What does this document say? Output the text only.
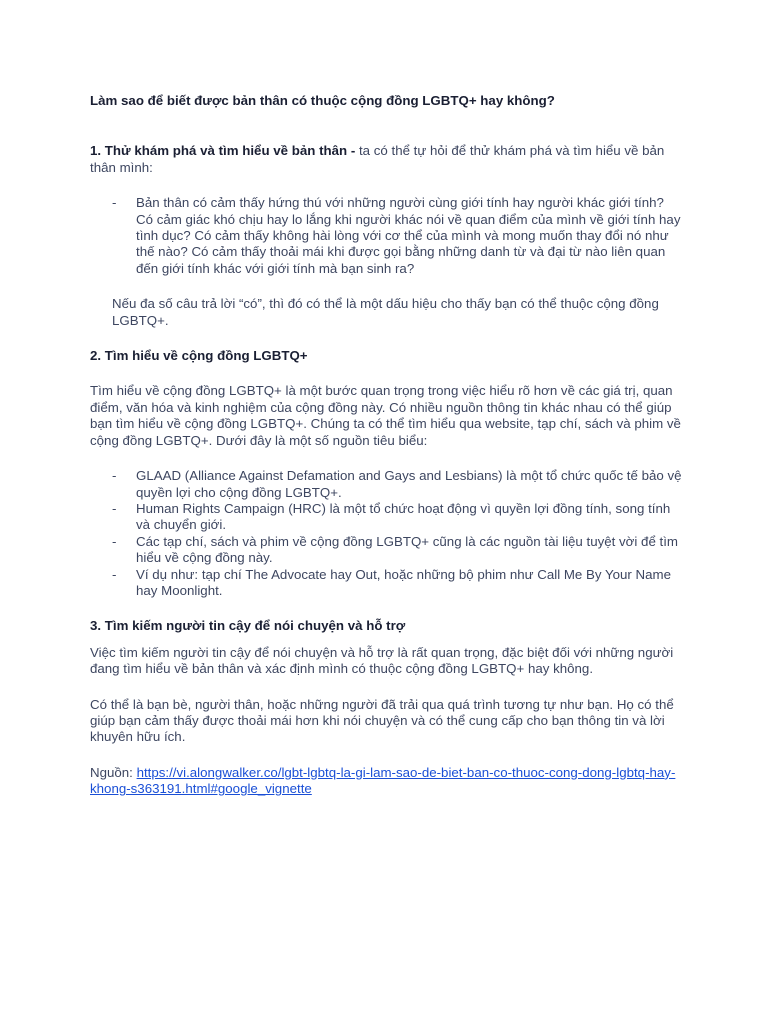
Làm sao để biết được bản thân có thuộc cộng đồng LGBTQ+ hay không?

1. Thử khám phá và tìm hiểu về bản thân - ta có thể tự hỏi để thử khám phá và tìm hiểu về bản thân mình:

- Bản thân có cảm thấy hứng thú với những người cùng giới tính hay người khác giới tính? Có cảm giác khó chịu hay lo lắng khi người khác nói về quan điểm của mình về giới tính hay tình dục? Có cảm thấy không hài lòng với cơ thể của mình và mong muốn thay đổi nó như thế nào? Có cảm thấy thoải mái khi được gọi bằng những danh từ và đại từ nào liên quan đến giới tính khác với giới tính mà bạn sinh ra?

Nếu đa số câu trả lời “có”, thì đó có thể là một dấu hiệu cho thấy bạn có thể thuộc cộng đồng LGBTQ+.

2. Tìm hiểu về cộng đồng LGBTQ+

Tìm hiểu về cộng đồng LGBTQ+ là một bước quan trọng trong việc hiểu rõ hơn về các giá trị, quan điểm, văn hóa và kinh nghiệm của cộng đồng này. Có nhiều nguồn thông tin khác nhau có thể giúp bạn tìm hiểu về cộng đồng LGBTQ+. Chúng ta có thể tìm hiểu qua website, tạp chí, sách và phim về cộng đồng LGBTQ+. Dưới đây là một số nguồn tiêu biểu:

- GLAAD (Alliance Against Defamation and Gays and Lesbians) là một tổ chức quốc tế bảo vệ quyền lợi cho cộng đồng LGBTQ+.
- Human Rights Campaign (HRC) là một tổ chức hoạt động vì quyền lợi đồng tính, song tính và chuyển giới.
- Các tạp chí, sách và phim về cộng đồng LGBTQ+ cũng là các nguồn tài liệu tuyệt vời để tìm hiểu về cộng đồng này.
- Ví dụ như: tạp chí The Advocate hay Out, hoặc những bộ phim như Call Me By Your Name hay Moonlight.

3. Tìm kiếm người tin cậy để nói chuyện và hỗ trợ

Việc tìm kiếm người tin cậy để nói chuyện và hỗ trợ là rất quan trọng, đặc biệt đối với những người đang tìm hiểu về bản thân và xác định mình có thuộc cộng đồng LGBTQ+ hay không.

Có thể là bạn bè, người thân, hoặc những người đã trải qua quá trình tương tự như bạn. Họ có thể giúp bạn cảm thấy được thoải mái hơn khi nói chuyện và có thể cung cấp cho bạn thông tin và lời khuyên hữu ích.

Nguồn: https://vi.alongwalker.co/lgbt-lgbtq-la-gi-lam-sao-de-biet-ban-co-thuoc-cong-dong-lgbtq-hay-khong-s363191.html#google_vignette
